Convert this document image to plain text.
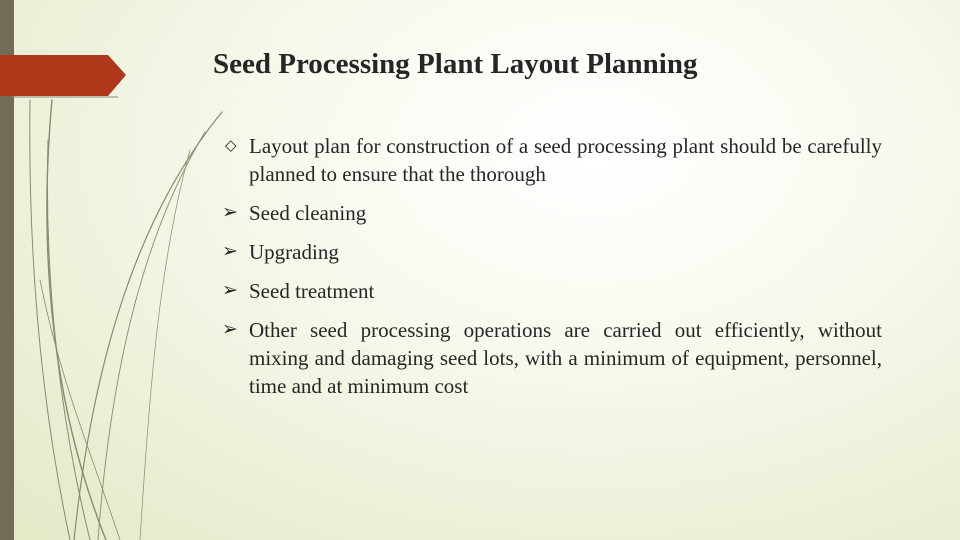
Seed Processing Plant Layout Planning
◇ Layout plan for construction of a seed processing plant should be carefully planned to ensure that the thorough
➢ Seed cleaning
➢ Upgrading
➢ Seed treatment
➢ Other seed processing operations are carried out efficiently, without mixing and damaging seed lots, with a minimum of equipment, personnel, time and at minimum cost
